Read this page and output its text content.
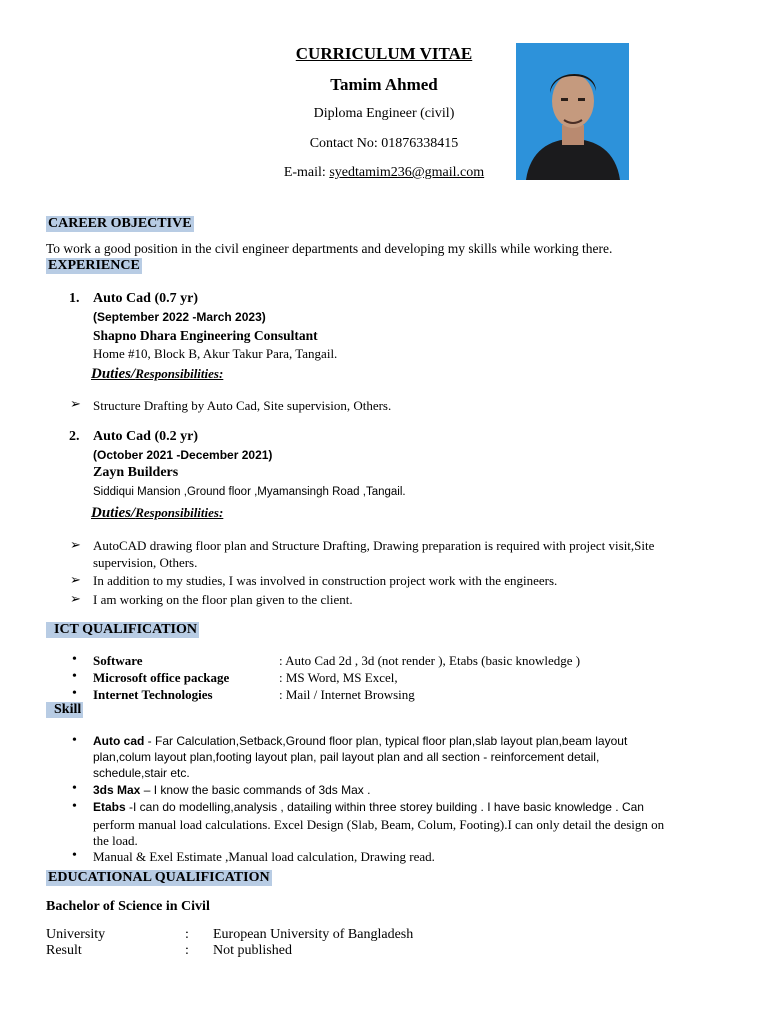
CURRICULUM VITAE
Tamim Ahmed
Diploma Engineer (civil)
Contact No: 01876338415
E-mail: syedtamim236@gmail.com
CAREER OBJECTIVE
To work a good position in the civil engineer departments and developing my skills while working there.
EXPERIENCE
1. Auto Cad (0.7 yr)
(September 2022 -March 2023)
Shapno Dhara Engineering Consultant
Home #10, Block B, Akur Takur Para, Tangail.
Duties/Responsibilities:
➢ Structure Drafting by Auto Cad, Site supervision, Others.
2. Auto Cad (0.2 yr)
(October 2021 -December 2021)
Zayn Builders
Siddiqui Mansion ,Ground floor ,Myamansingh Road ,Tangail.
Duties/Responsibilities:
➢ AutoCAD drawing floor plan and Structure Drafting, Drawing preparation is required with project visit,Site
supervision, Others.
➢ In addition to my studies, I was involved in construction project work with the engineers.
➢ I am working on the floor plan given to the client.
ICT QUALIFICATION
• Software	: Auto Cad 2d , 3d (not render ), Etabs (basic knowledge )
• Microsoft office package	: MS Word, MS Excel,
• Internet Technologies	: Mail / Internet Browsing
Skill
• Auto cad - Far Calculation,Setback,Ground floor plan, typical floor plan,slab layout plan,beam layout
plan,colum layout plan,footing layout plan, pail layout plan and all section - reinforcement detail,
schedule,stair etc.
• 3ds Max – I know the basic commands of 3ds Max .
• Etabs -I can do modelling,analysis , datailing within three storey building . I have basic knowledge . Can
perform manual load calculations. Excel Design (Slab, Beam, Colum, Footing).I can only detail the design on
the load.
• Manual & Exel Estimate ,Manual load calculation, Drawing read.
EDUCATIONAL QUALIFICATION
Bachelor of Science in Civil
University	: European University of Bangladesh
Result	: Not published
